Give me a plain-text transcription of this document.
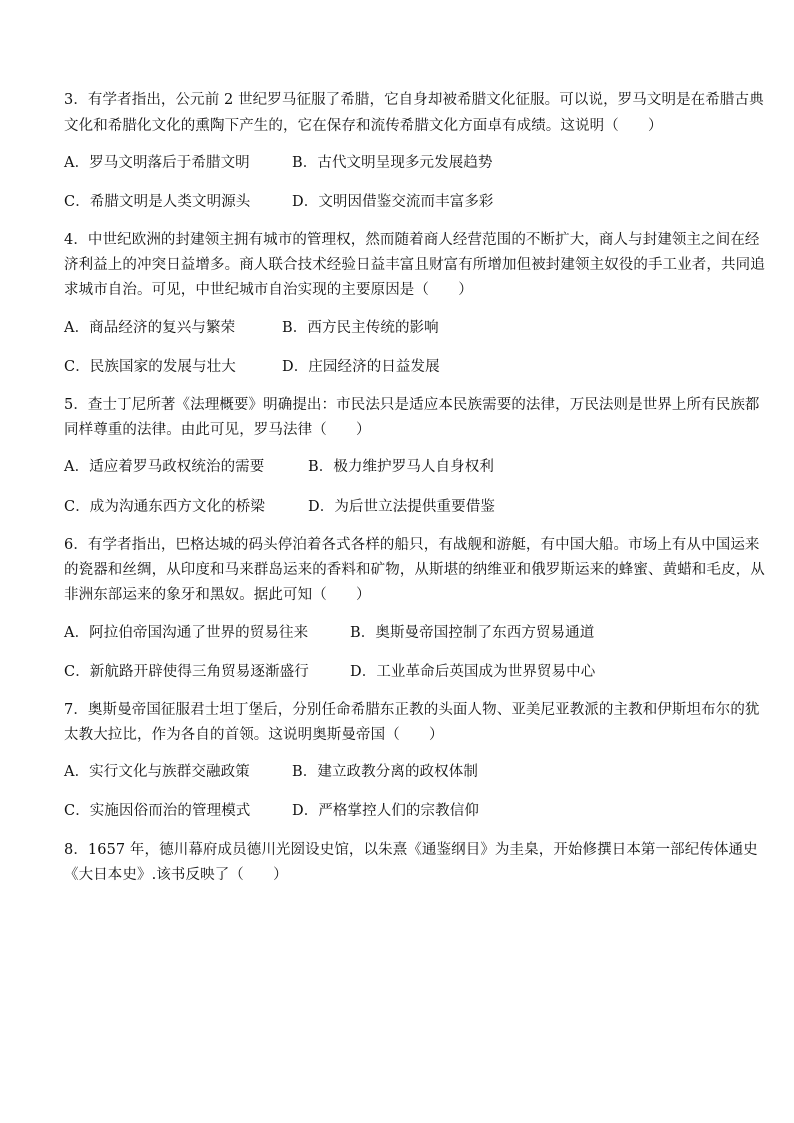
3．有学者指出，公元前 2 世纪罗马征服了希腊，它自身却被希腊文化征服。可以说，罗马文明是在希腊古典
文化和希腊化文化的熏陶下产生的，它在保存和流传希腊文化方面卓有成绩。这说明（　　）
A．罗马文明落后于希腊文明	B．古代文明呈现多元发展趋势
C．希腊文明是人类文明源头	D．文明因借鉴交流而丰富多彩
4．中世纪欧洲的封建领主拥有城市的管理权，然而随着商人经营范围的不断扩大，商人与封建领主之间在经
济利益上的冲突日益增多。商人联合技术经验日益丰富且财富有所增加但被封建领主奴役的手工业者，共同追
求城市自治。可见，中世纪城市自治实现的主要原因是（　　）
A．商品经济的复兴与繁荣	B．西方民主传统的影响
C．民族国家的发展与壮大	D．庄园经济的日益发展
5．查士丁尼所著《法理概要》明确提出：市民法只是适应本民族需要的法律，万民法则是世界上所有民族都
同样尊重的法律。由此可见，罗马法律（　　）
A．适应着罗马政权统治的需要	B．极力维护罗马人自身权利
C．成为沟通东西方文化的桥梁	D．为后世立法提供重要借鉴
6．有学者指出，巴格达城的码头停泊着各式各样的船只，有战舰和游艇，有中国大船。市场上有从中国运来
的瓷器和丝绸，从印度和马来群岛运来的香料和矿物，从斯堪的纳维亚和俄罗斯运来的蜂蜜、黄蜡和毛皮，从
非洲东部运来的象牙和黑奴。据此可知（　　）
A．阿拉伯帝国沟通了世界的贸易往来	B．奥斯曼帝国控制了东西方贸易通道
C．新航路开辟使得三角贸易逐渐盛行	D．工业革命后英国成为世界贸易中心
7．奥斯曼帝国征服君士坦丁堡后，分别任命希腊东正教的头面人物、亚美尼亚教派的主教和伊斯坦布尔的犹
太教大拉比，作为各自的首领。这说明奥斯曼帝国（　　）
A．实行文化与族群交融政策	B．建立政教分离的政权体制
C．实施因俗而治的管理模式	D．严格掌控人们的宗教信仰
8．1657 年，德川幕府成员德川光圀设史馆，以朱熹《通鉴纲目》为圭臬，开始修撰日本第一部纪传体通史
《大日本史》.该书反映了（　　）
